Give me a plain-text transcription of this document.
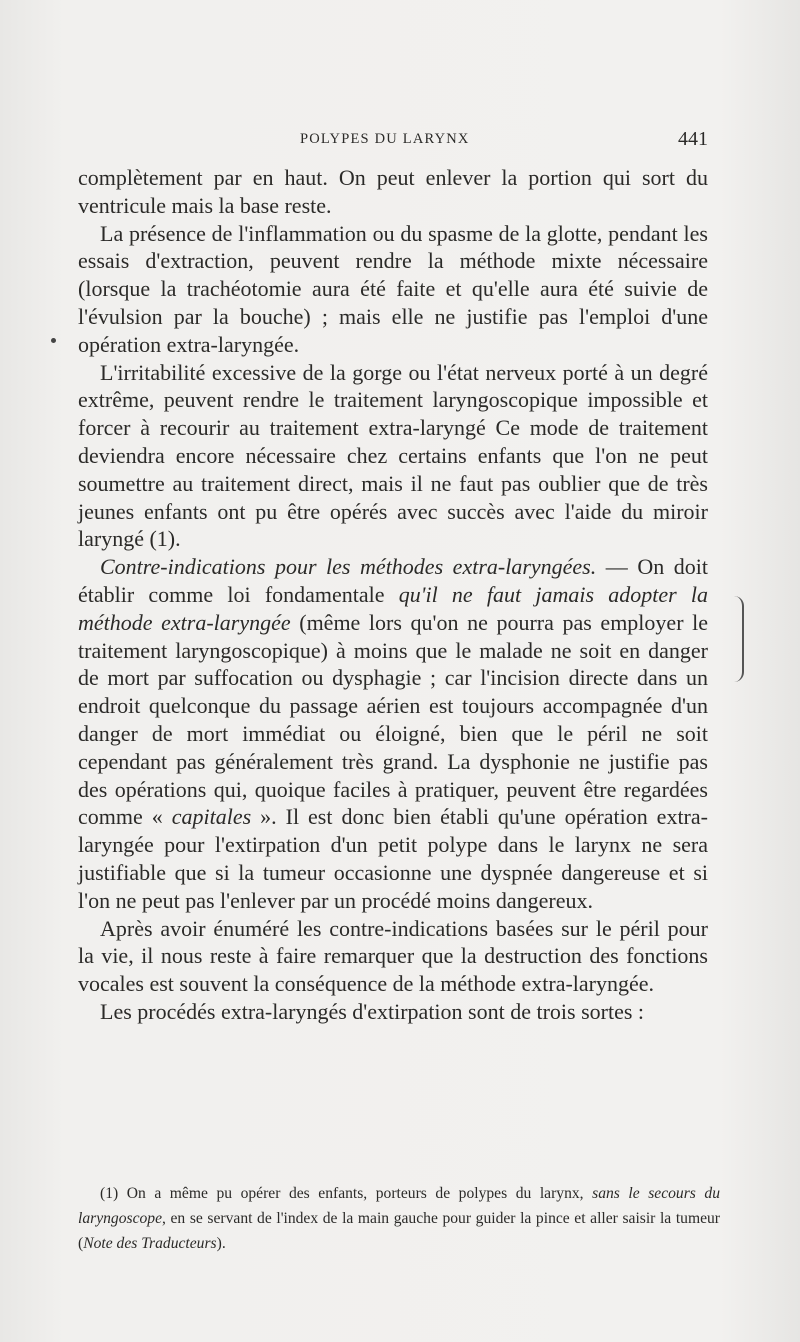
POLYPES DU LARYNX	441

complètement par en haut. On peut enlever la portion qui sort du ventricule mais la base reste.

La présence de l'inflammation ou du spasme de la glotte, pendant les essais d'extraction, peuvent rendre la méthode mixte nécessaire (lorsque la trachéotomie aura été faite et qu'elle aura été suivie de l'évulsion par la bouche) ; mais elle ne justifie pas l'emploi d'une opération extra-laryngée.

L'irritabilité excessive de la gorge ou l'état nerveux porté à un degré extrême, peuvent rendre le traitement laryngoscopique impossible et forcer à recourir au traitement extra-laryngé Ce mode de traitement deviendra encore nécessaire chez certains enfants que l'on ne peut soumettre au traitement direct, mais il ne faut pas oublier que de très jeunes enfants ont pu être opérés avec succès avec l'aide du miroir laryngé (1).

Contre-indications pour les méthodes extra-laryngées. — On doit établir comme loi fondamentale qu'il ne faut jamais adopter la méthode extra-laryngée (même lors qu'on ne pourra pas employer le traitement laryngoscopique) à moins que le malade ne soit en danger de mort par suffocation ou dysphagie ; car l'incision directe dans un endroit quelconque du passage aérien est toujours accompagnée d'un danger de mort immédiat ou éloigné, bien que le péril ne soit cependant pas généralement très grand. La dysphonie ne justifie pas des opérations qui, quoique faciles à pratiquer, peuvent être regardées comme « capitales ». Il est donc bien établi qu'une opération extra-laryngée pour l'extirpation d'un petit polype dans le larynx ne sera justifiable que si la tumeur occasionne une dyspnée dangereuse et si l'on ne peut pas l'enlever par un procédé moins dangereux.

Après avoir énuméré les contre-indications basées sur le péril pour la vie, il nous reste à faire remarquer que la destruction des fonctions vocales est souvent la conséquence de la méthode extra-laryngée.

Les procédés extra-laryngés d'extirpation sont de trois sortes :

(1) On a même pu opérer des enfants, porteurs de polypes du larynx, sans le secours du laryngoscope, en se servant de l'index de la main gauche pour guider la pince et aller saisir la tumeur (Note des Traducteurs).
